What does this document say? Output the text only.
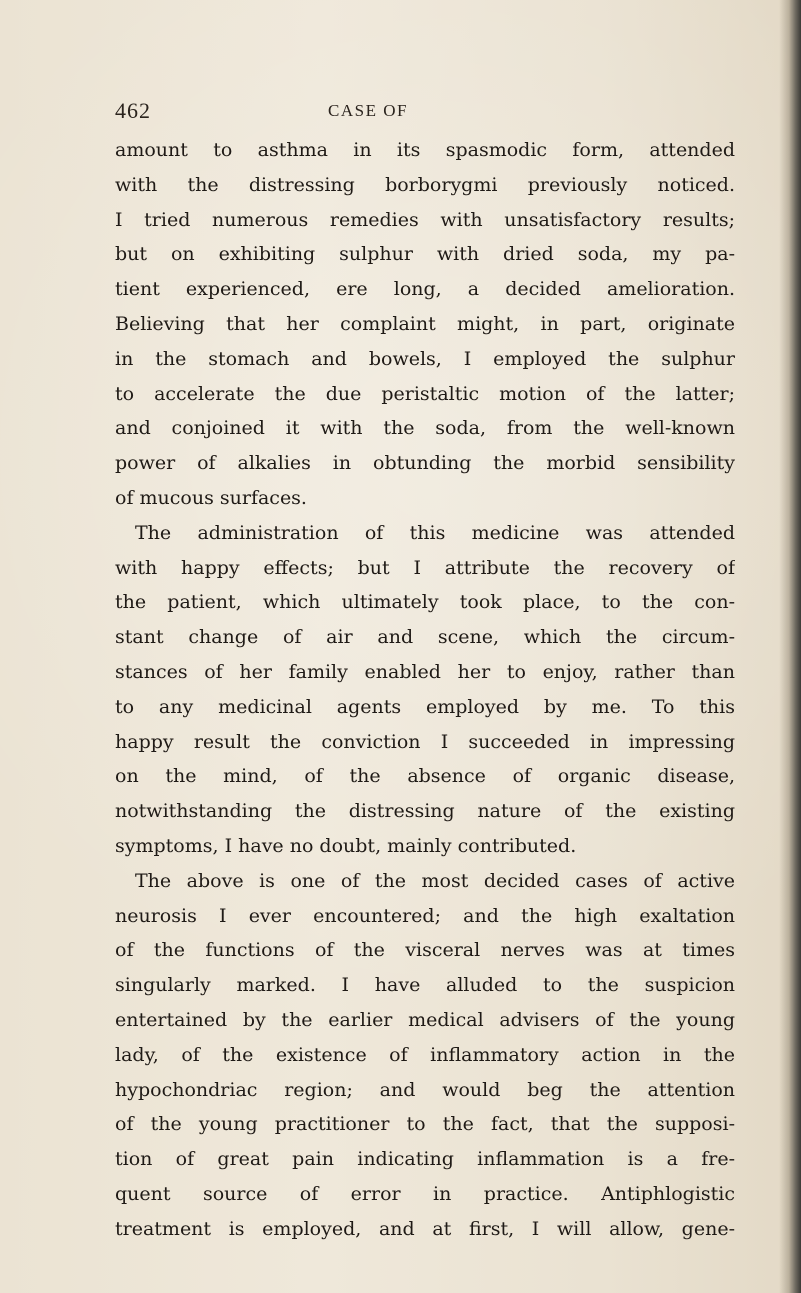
462	CASE OF
amount to asthma in its spasmodic form, attended
with the distressing borborygmi previously noticed.
I tried numerous remedies with unsatisfactory results;
but on exhibiting sulphur with dried soda, my pa-
tient experienced, ere long, a decided amelioration.
Believing that her complaint might, in part, originate
in the stomach and bowels, I employed the sulphur
to accelerate the due peristaltic motion of the latter;
and conjoined it with the soda, from the well-known
power of alkalies in obtunding the morbid sensibility
of mucous surfaces.
The administration of this medicine was attended
with happy effects; but I attribute the recovery of
the patient, which ultimately took place, to the con-
stant change of air and scene, which the circum-
stances of her family enabled her to enjoy, rather than
to any medicinal agents employed by me. To this
happy result the conviction I succeeded in impressing
on the mind, of the absence of organic disease,
notwithstanding the distressing nature of the existing
symptoms, I have no doubt, mainly contributed.
The above is one of the most decided cases of active
neurosis I ever encountered; and the high exaltation
of the functions of the visceral nerves was at times
singularly marked. I have alluded to the suspicion
entertained by the earlier medical advisers of the young
lady, of the existence of inflammatory action in the
hypochondriac region; and would beg the attention
of the young practitioner to the fact, that the supposi-
tion of great pain indicating inflammation is a fre-
quent source of error in practice. Antiphlogistic
treatment is employed, and at first, I will allow, gene-
